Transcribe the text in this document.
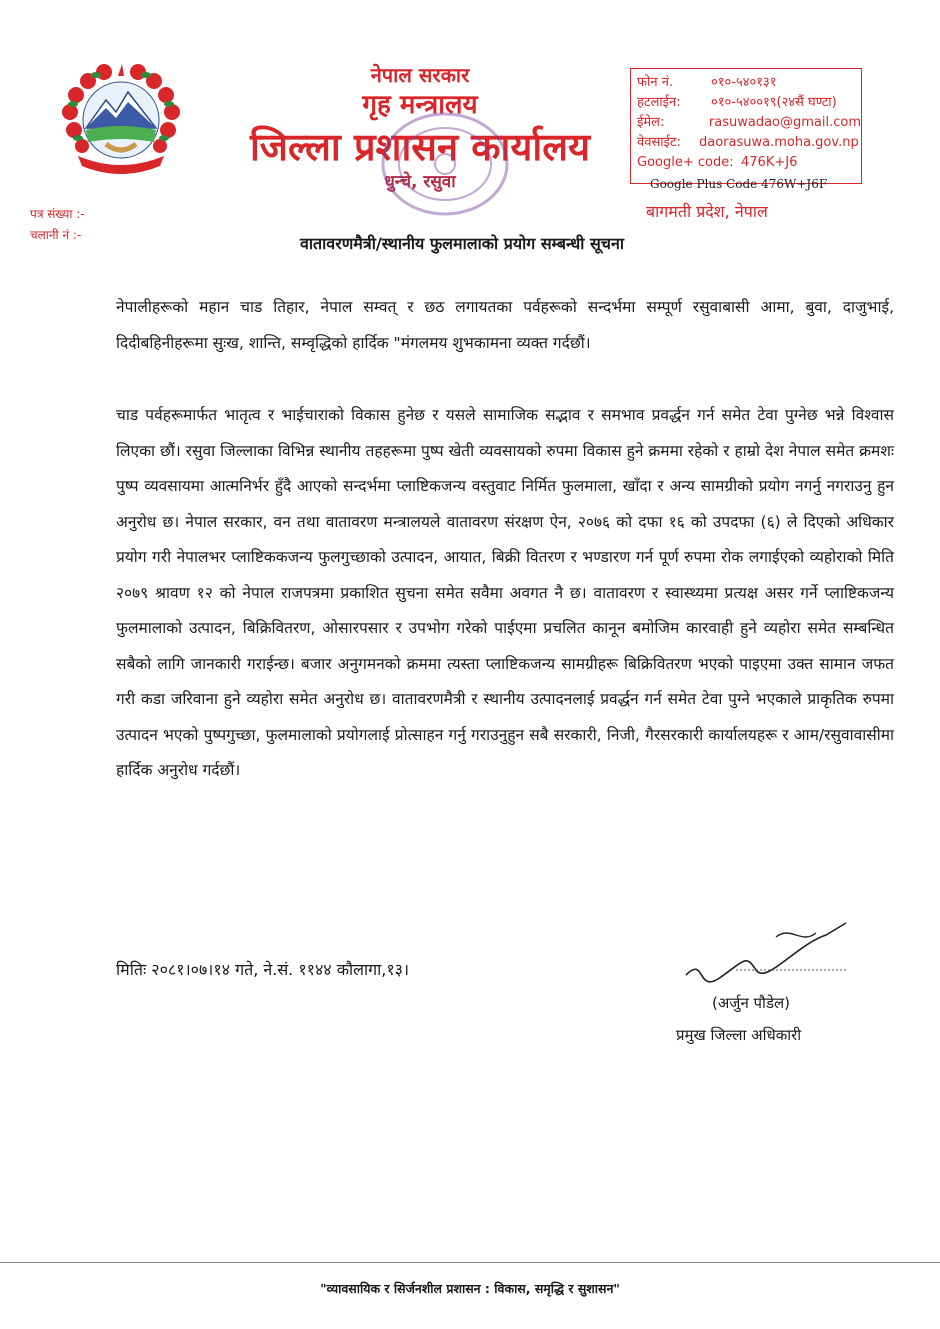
नेपाल सरकार
गृह मन्त्रालय
जिल्ला प्रशासन कार्यालय
धुन्चे, रसुवा
फोन नं.	०१०-५४०१३१
हटलाईन:	०१०-५४००१९(२४सैं घण्टा)
ईमेल:	rasuwadao@gmail.com
वेवसाईट:	daorasuwa.moha.gov.np
Google+ code: 476K+J6
Google Plus Code 476W+J6F
बागमती प्रदेश, नेपाल
पत्र संख्या :-
चलानी नं :-	वातावरणमैत्री/स्थानीय फुलमालाको प्रयोग सम्बन्धी सूचना

नेपालीहरूको महान चाड तिहार, नेपाल सम्वत् र छठ लगायतका पर्वहरूको सन्दर्भमा सम्पूर्ण रसुवाबासी आमा, बुवा, दाजुभाई, दिदीबहिनीहरूमा सुःख, शान्ति, सम्वृद्धिको हार्दिक "मंगलमय शुभकामना व्यक्त गर्दछौं।

चाड पर्वहरूमार्फत भातृत्व र भाईचाराको विकास हुनेछ र यसले सामाजिक सद्भाव र समभाव प्रवर्द्धन गर्न समेत टेवा पुग्नेछ भन्ने विश्वास लिएका छौं। रसुवा जिल्लाका विभिन्न स्थानीय तहहरूमा पुष्प खेती व्यवसायको रुपमा विकास हुने क्रममा रहेको र हाम्रो देश नेपाल समेत क्रमशः पुष्प व्यवसायमा आत्मनिर्भर हुँदै आएको सन्दर्भमा प्लाष्टिकजन्य वस्तुवाट निर्मित फुलमाला, खाँदा र अन्य सामग्रीको प्रयोग नगर्नु नगराउनु हुन अनुरोध छ। नेपाल सरकार, वन तथा वातावरण मन्त्रालयले वातावरण संरक्षण ऐन, २०७६ को दफा १६ को उपदफा (६) ले दिएको अधिकार प्रयोग गरी नेपालभर प्लाष्टिककजन्य फुलगुच्छाको उत्पादन, आयात, बिक्री वितरण र भण्डारण गर्न पूर्ण रुपमा रोक लगाईएको व्यहोराको मिति २०७९ श्रावण १२ को नेपाल राजपत्रमा प्रकाशित सुचना समेत सवैमा अवगत नै छ। वातावरण र स्वास्थ्यमा प्रत्यक्ष असर गर्ने प्लाष्टिकजन्य फुलमालाको उत्पादन, बिक्रिवितरण, ओसारपसार र उपभोग गरेको पाईएमा प्रचलित कानून बमोजिम कारवाही हुने व्यहोरा समेत सम्बन्धित सबैको लागि जानकारी गराईन्छ। बजार अनुगमनको क्रममा त्यस्ता प्लाष्टिकजन्य सामग्रीहरू बिक्रिवितरण भएको पाइएमा उक्त सामान जफत गरी कडा जरिवाना हुने व्यहोरा समेत अनुरोध छ। वातावरणमैत्री र स्थानीय उत्पादनलाई प्रवर्द्धन गर्न समेत टेवा पुग्ने भएकाले प्राकृतिक रुपमा उत्पादन भएको पुष्पगुच्छा, फुलमालाको प्रयोगलाई प्रोत्साहन गर्नु गराउनुहुन सबै सरकारी, निजी, गैरसरकारी कार्यालयहरू र आम/रसुवावासीमा हार्दिक अनुरोध गर्दछौं।

मितिः २०८१।०७।१४ गते, ने.सं. ११४४ कौलागा,१३।
(अर्जुन पौडेल)
प्रमुख जिल्ला अधिकारी
"व्यावसायिक र सिर्जनशील प्रशासन : विकास, समृद्धि र सुशासन"
